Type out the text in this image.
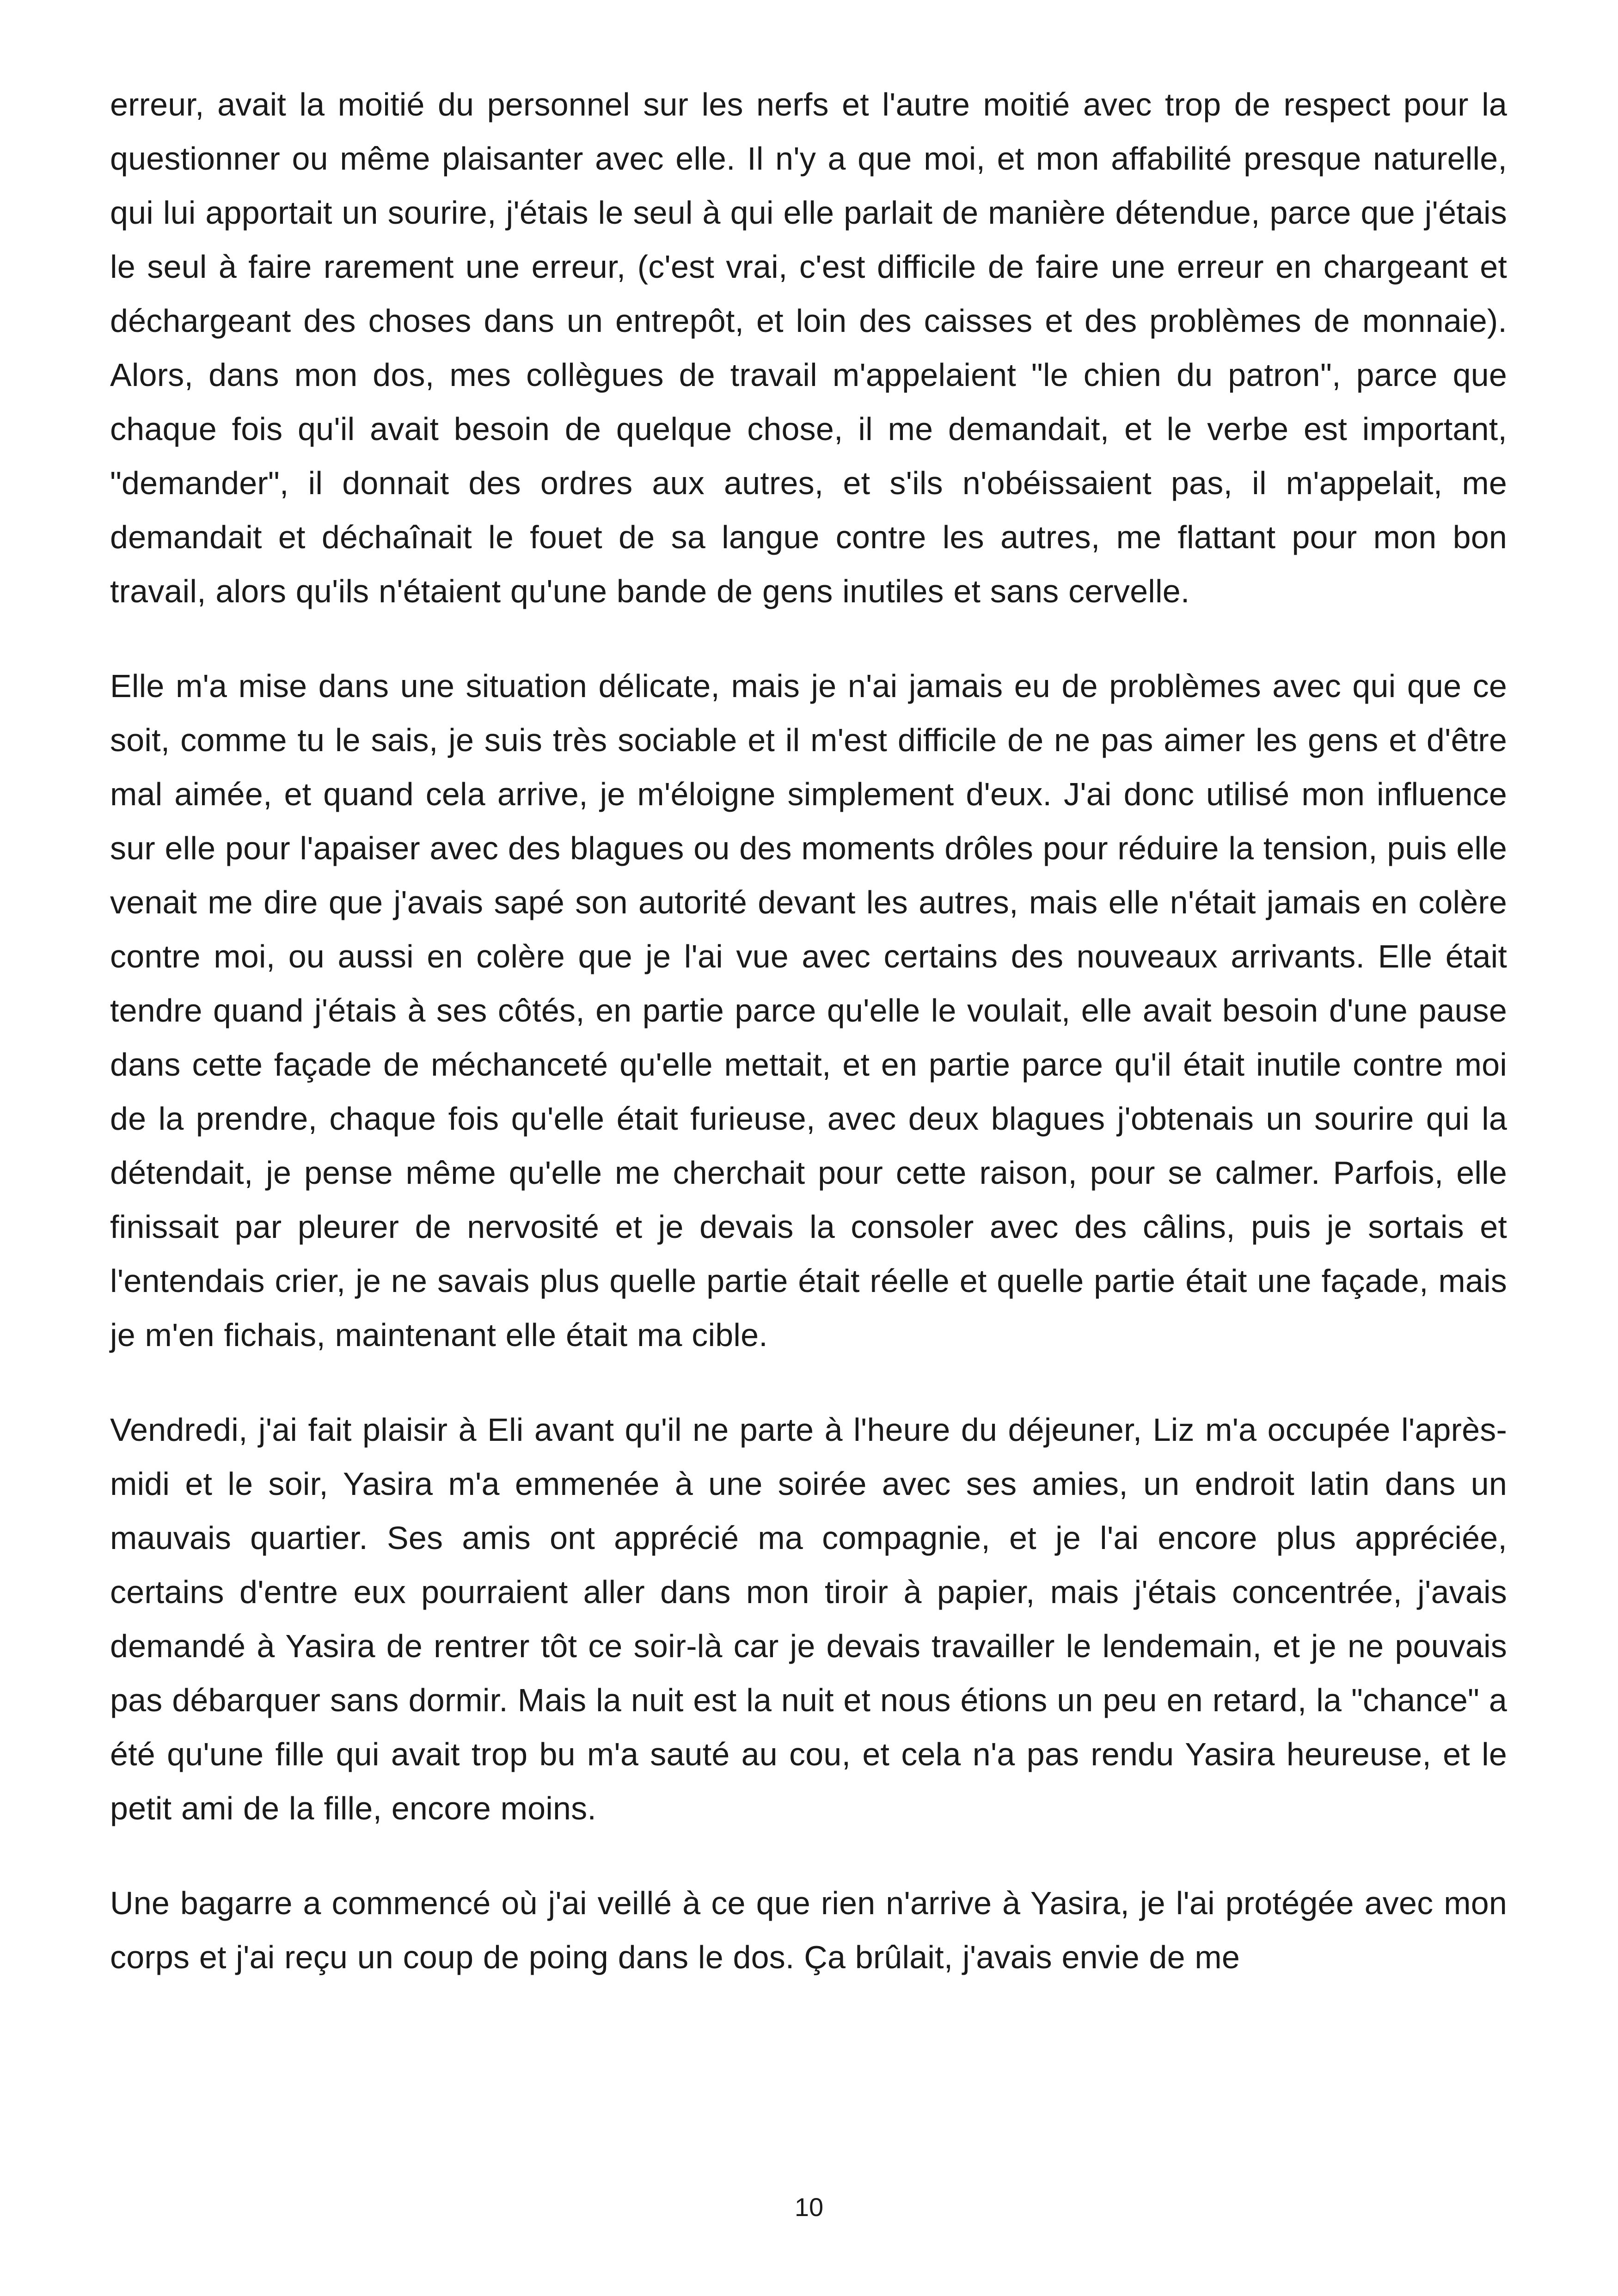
erreur, avait la moitié du personnel sur les nerfs et l'autre moitié avec trop de respect pour la questionner ou même plaisanter avec elle. Il n'y a que moi, et mon affabilité presque naturelle, qui lui apportait un sourire, j'étais le seul à qui elle parlait de manière détendue, parce que j'étais le seul à faire rarement une erreur, (c'est vrai, c'est difficile de faire une erreur en chargeant et déchargeant des choses dans un entrepôt, et loin des caisses et des problèmes de monnaie). Alors, dans mon dos, mes collègues de travail m'appelaient "le chien du patron", parce que chaque fois qu'il avait besoin de quelque chose, il me demandait, et le verbe est important, "demander", il donnait des ordres aux autres, et s'ils n'obéissaient pas, il m'appelait, me demandait et déchaînait le fouet de sa langue contre les autres, me flattant pour mon bon travail, alors qu'ils n'étaient qu'une bande de gens inutiles et sans cervelle.

Elle m'a mise dans une situation délicate, mais je n'ai jamais eu de problèmes avec qui que ce soit, comme tu le sais, je suis très sociable et il m'est difficile de ne pas aimer les gens et d'être mal aimée, et quand cela arrive, je m'éloigne simplement d'eux. J'ai donc utilisé mon influence sur elle pour l'apaiser avec des blagues ou des moments drôles pour réduire la tension, puis elle venait me dire que j'avais sapé son autorité devant les autres, mais elle n'était jamais en colère contre moi, ou aussi en colère que je l'ai vue avec certains des nouveaux arrivants. Elle était tendre quand j'étais à ses côtés, en partie parce qu'elle le voulait, elle avait besoin d'une pause dans cette façade de méchanceté qu'elle mettait, et en partie parce qu'il était inutile contre moi de la prendre, chaque fois qu'elle était furieuse, avec deux blagues j'obtenais un sourire qui la détendait, je pense même qu'elle me cherchait pour cette raison, pour se calmer. Parfois, elle finissait par pleurer de nervosité et je devais la consoler avec des câlins, puis je sortais et l'entendais crier, je ne savais plus quelle partie était réelle et quelle partie était une façade, mais je m'en fichais, maintenant elle était ma cible.

Vendredi, j'ai fait plaisir à Eli avant qu'il ne parte à l'heure du déjeuner, Liz m'a occupée l'après-midi et le soir, Yasira m'a emmenée à une soirée avec ses amies, un endroit latin dans un mauvais quartier. Ses amis ont apprécié ma compagnie, et je l'ai encore plus appréciée, certains d'entre eux pourraient aller dans mon tiroir à papier, mais j'étais concentrée, j'avais demandé à Yasira de rentrer tôt ce soir-là car je devais travailler le lendemain, et je ne pouvais pas débarquer sans dormir. Mais la nuit est la nuit et nous étions un peu en retard, la "chance" a été qu'une fille qui avait trop bu m'a sauté au cou, et cela n'a pas rendu Yasira heureuse, et le petit ami de la fille, encore moins.

Une bagarre a commencé où j'ai veillé à ce que rien n'arrive à Yasira, je l'ai protégée avec mon corps et j'ai reçu un coup de poing dans le dos. Ça brûlait, j'avais envie de me

10
